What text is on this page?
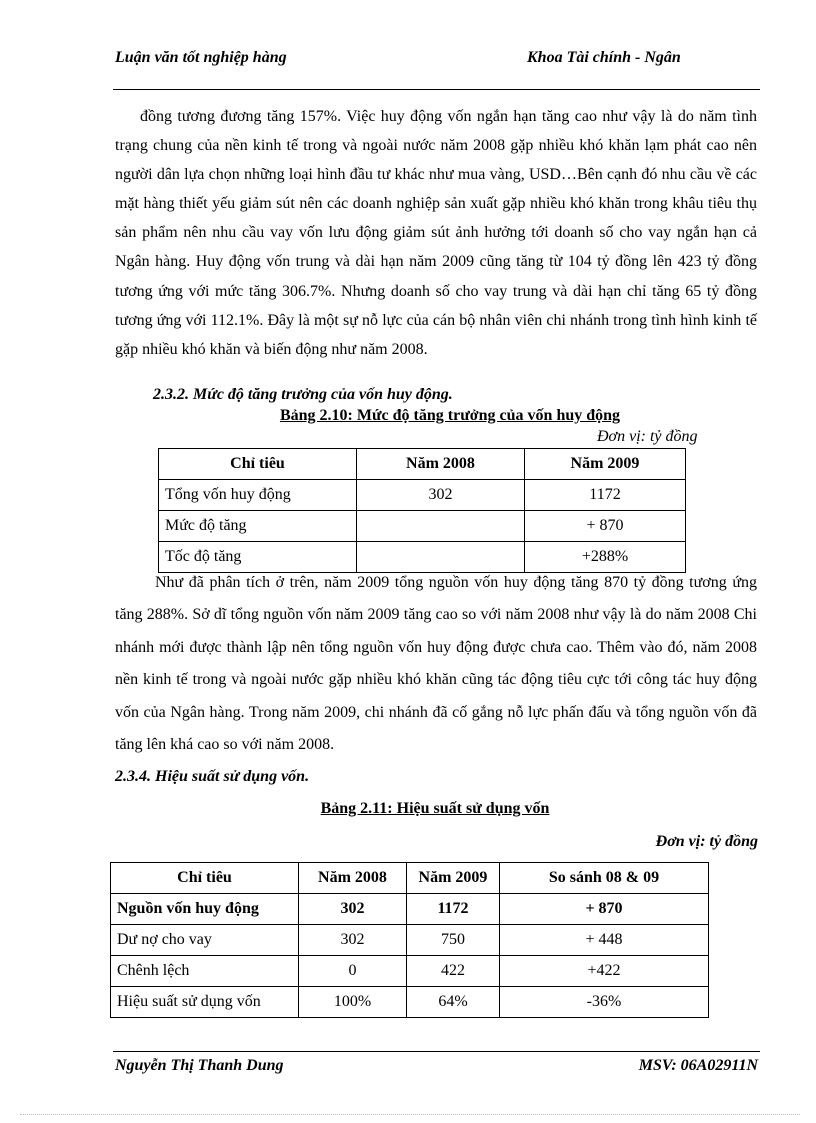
Luận văn tốt nghiệp hàng	Khoa Tài chính - Ngân

đồng tương đương tăng 157%. Việc huy động vốn ngắn hạn tăng cao như vậy là do năm tình trạng chung của nền kinh tế trong và ngoài nước năm 2008 gặp nhiều khó khăn lạm phát cao nên người dân lựa chọn những loại hình đầu tư khác như mua vàng, USD…Bên cạnh đó nhu cầu về các mặt hàng thiết yếu giảm sút nên các doanh nghiệp sản xuất gặp nhiều khó khăn trong khâu tiêu thụ sản phẩm nên nhu cầu vay vốn lưu động giảm sút ảnh hưởng tới doanh số cho vay ngắn hạn cả Ngân hàng. Huy động vốn trung và dài hạn năm 2009 cũng tăng từ 104 tỷ đồng lên 423 tỷ đồng tương ứng với mức tăng 306.7%. Nhưng doanh số cho vay trung và dài hạn chỉ tăng 65 tỷ đồng tương ứng với 112.1%. Đây là một sự nỗ lực của cán bộ nhân viên chi nhánh trong tình hình kinh tế gặp nhiều khó khăn và biến động như năm 2008.

2.3.2. Mức độ tăng trưởng của vốn huy động.
Bảng 2.10: Mức độ tăng trưởng của vốn huy động
Đơn vị: tỷ đồng
Chỉ tiêu	Năm 2008	Năm 2009
Tổng vốn huy động	302	1172
Mức độ tăng		+ 870
Tốc độ tăng		+288%

Như đã phân tích ở trên, năm 2009 tổng nguồn vốn huy động tăng 870 tỷ đồng tương ứng tăng 288%. Sở dĩ tổng nguồn vốn năm 2009 tăng cao so với năm 2008 như vậy là do năm 2008 Chi nhánh mới được thành lập nên tổng nguồn vốn huy động được chưa cao. Thêm vào đó, năm 2008 nền kinh tế trong và ngoài nước gặp nhiều khó khăn cũng tác động tiêu cực tới công tác huy động vốn của Ngân hàng. Trong năm 2009, chi nhánh đã cố gắng nỗ lực phấn đấu và tổng nguồn vốn đã tăng lên khá cao so với năm 2008.

2.3.4. Hiệu suất sử dụng vốn.
Bảng 2.11: Hiệu suất sử dụng vốn
Đơn vị: tỷ đồng
Chỉ tiêu	Năm 2008	Năm 2009	So sánh 08 & 09
Nguồn vốn huy động	302	1172	+ 870
Dư nợ cho vay	302	750	+ 448
Chênh lệch	0	422	+422
Hiệu suất sử dụng vốn	100%	64%	-36%
Nguyễn Thị Thanh Dung	MSV: 06A02911N
